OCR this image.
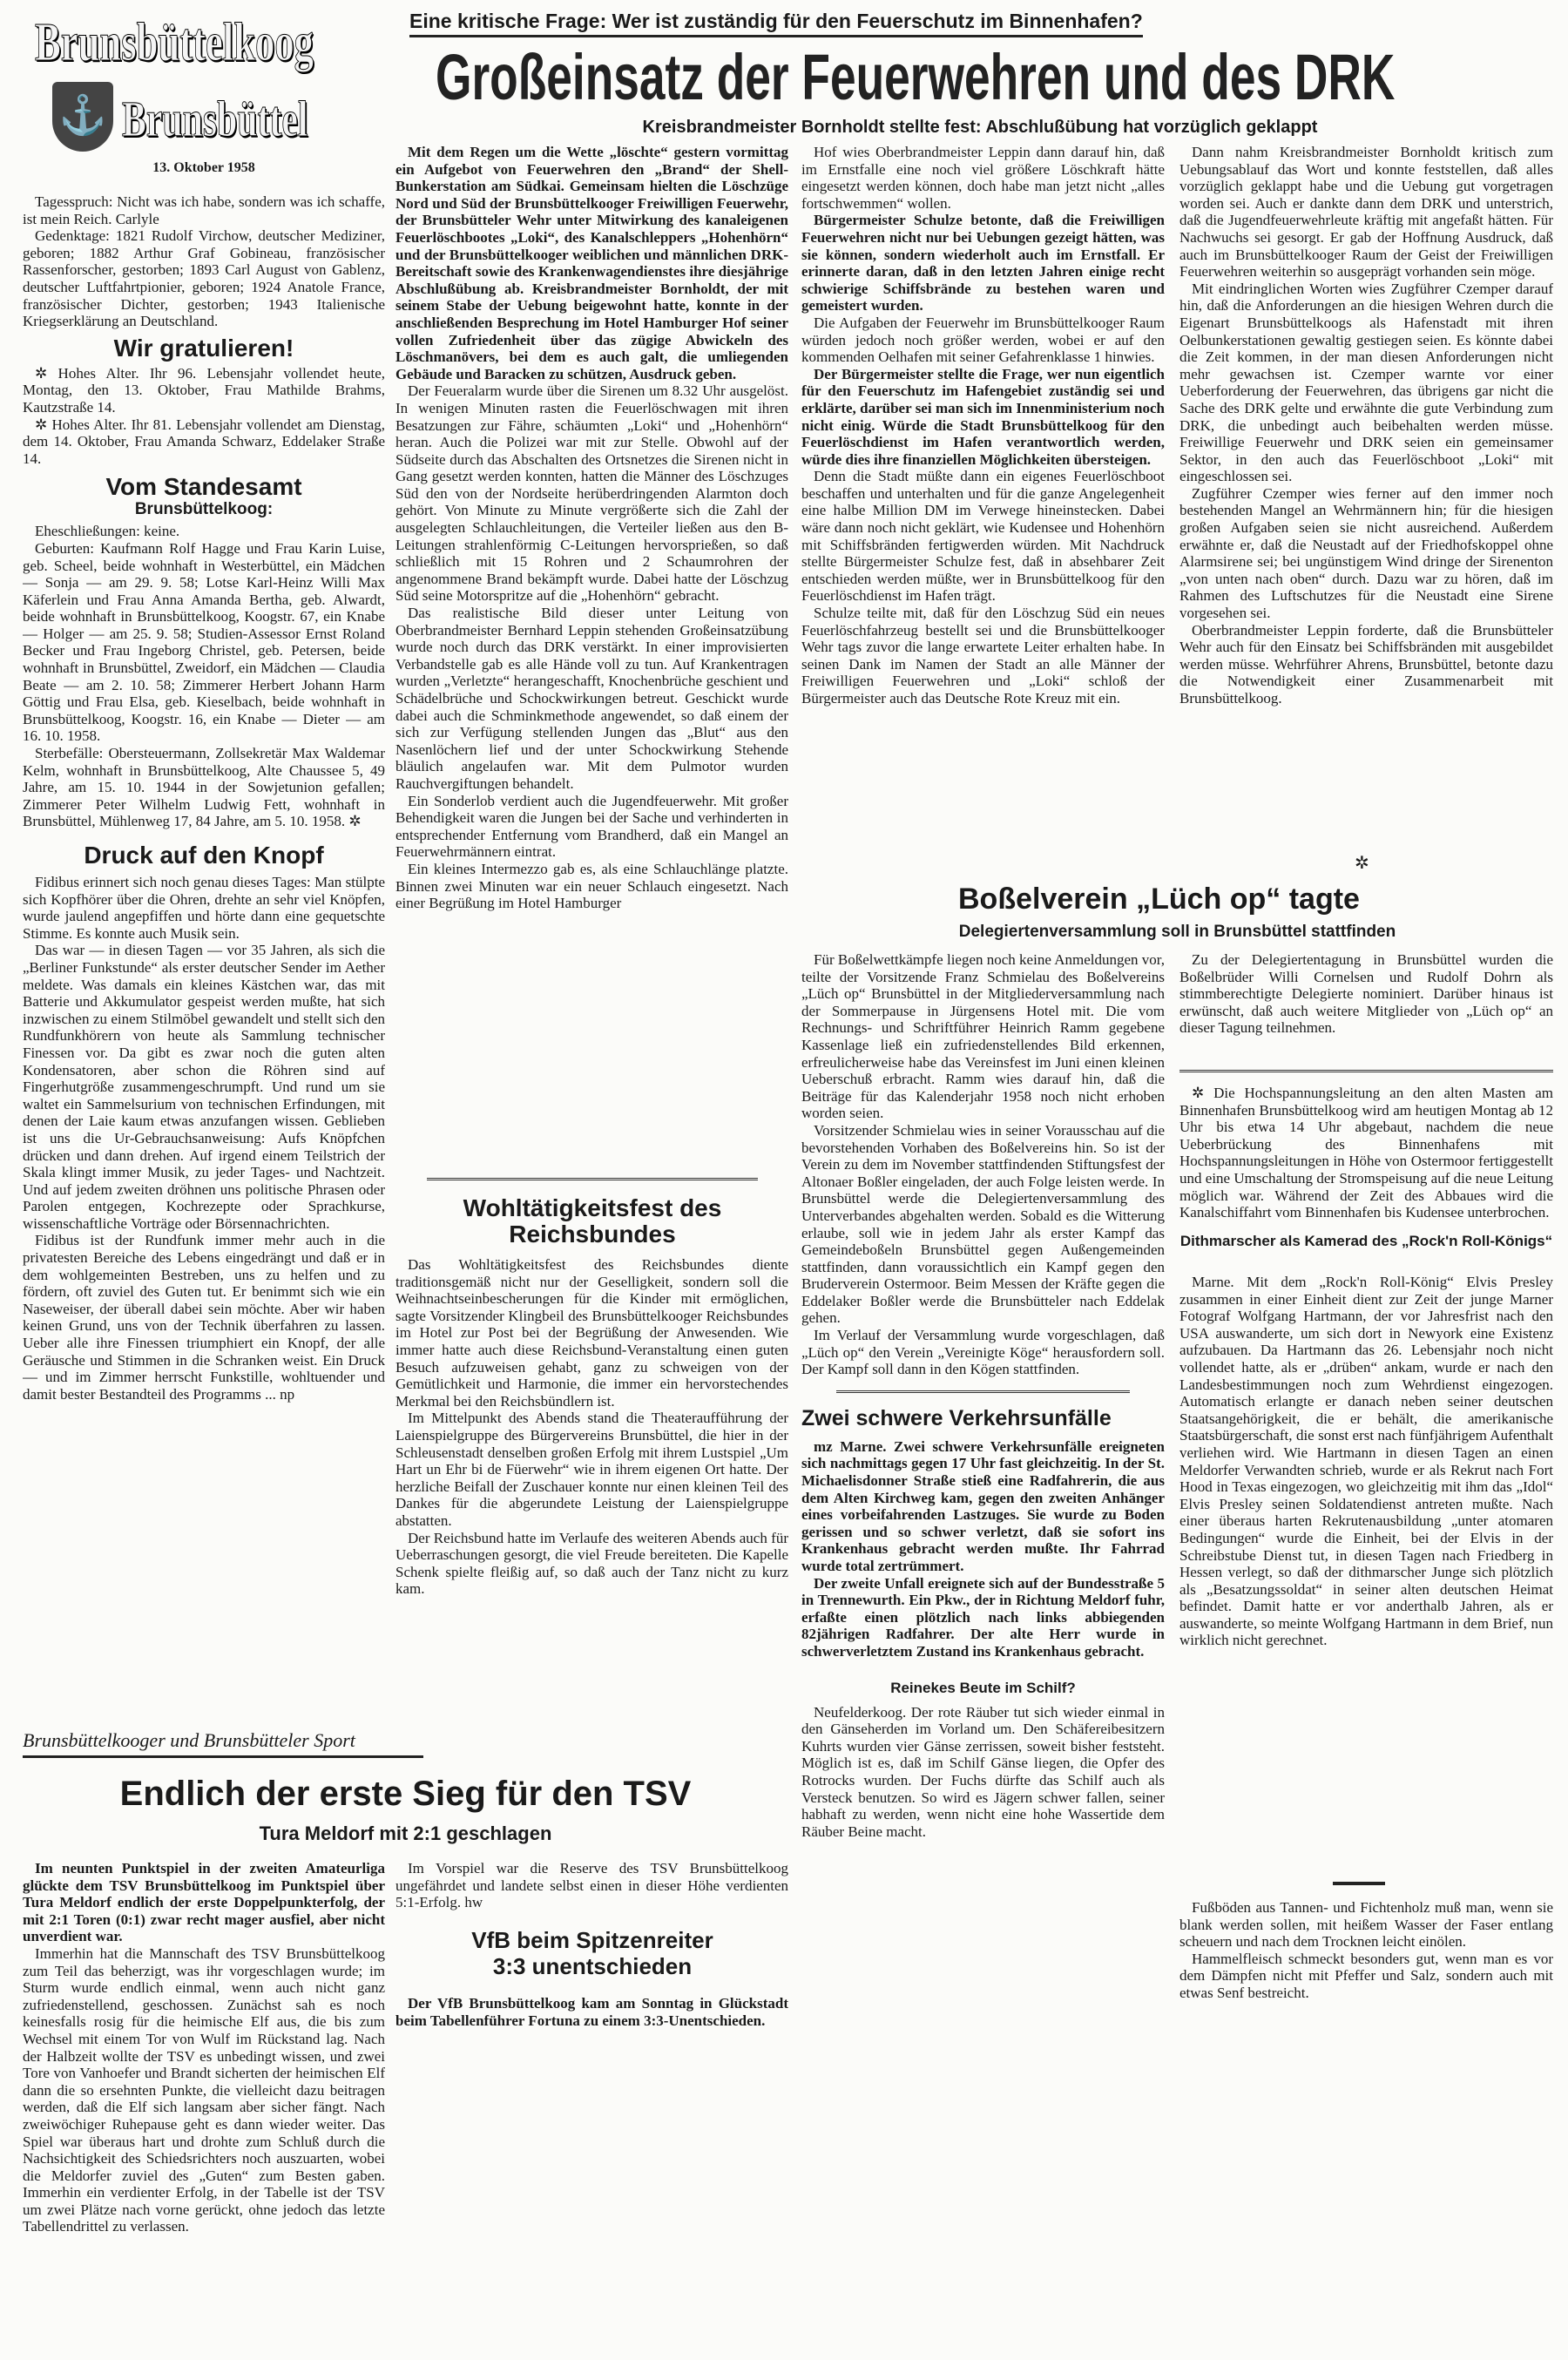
Brunsbüttelkoog
⚓ Brunsbüttel
13. Oktober 1958

Tagesspruch: Nicht was ich habe, sondern was ich schaffe, ist mein Reich. Carlyle

Gedenktage: 1821 Rudolf Virchow, deutscher Mediziner, geboren; 1882 Arthur Graf Gobineau, französischer Rassenforscher, gestorben; 1893 Carl August von Gablenz, deutscher Luftfahrtpionier, geboren; 1924 Anatole France, französischer Dichter, gestorben; 1943 Italienische Kriegserklärung an Deutschland.

Wir gratulieren!

✲ Hohes Alter. Ihr 96. Lebensjahr vollendet heute, Montag, den 13. Oktober, Frau Mathilde Brahms, Kautzstraße 14.

✲ Hohes Alter. Ihr 81. Lebensjahr vollendet am Dienstag, dem 14. Oktober, Frau Amanda Schwarz, Eddelaker Straße 14.

Vom Standesamt
Brunsbüttelkoog:

Eheschließungen: keine.

Geburten: Kaufmann Rolf Hagge und Frau Karin Luise, geb. Scheel, beide wohnhaft in Westerbüttel, ein Mädchen — Sonja — am 29. 9. 58; Lotse Karl-Heinz Willi Max Käferlein und Frau Anna Amanda Bertha, geb. Alwardt, beide wohnhaft in Brunsbüttelkoog, Koogstr. 67, ein Knabe — Holger — am 25. 9. 58; Studien-Assessor Ernst Roland Becker und Frau Ingeborg Christel, geb. Petersen, beide wohnhaft in Brunsbüttel, Zweidorf, ein Mädchen — Claudia Beate — am 2. 10. 58; Zimmerer Herbert Johann Harm Göttig und Frau Elsa, geb. Kieselbach, beide wohnhaft in Brunsbüttelkoog, Koogstr. 16, ein Knabe — Dieter — am 16. 10. 1958.

Sterbefälle: Obersteuermann, Zollsekretär Max Waldemar Kelm, wohnhaft in Brunsbüttelkoog, Alte Chaussee 5, 49 Jahre, am 15. 10. 1944 in der Sowjetunion gefallen; Zimmerer Peter Wilhelm Ludwig Fett, wohnhaft in Brunsbüttel, Mühlenweg 17, 84 Jahre, am 5. 10. 1958. ✲

Druck auf den Knopf

Fidibus erinnert sich noch genau dieses Tages: Man stülpte sich Kopfhörer über die Ohren, drehte an sehr viel Knöpfen, wurde jaulend angepfiffen und hörte dann eine gequetschte Stimme. Es konnte auch Musik sein.

Das war — in diesen Tagen — vor 35 Jahren, als sich die „Berliner Funkstunde“ als erster deutscher Sender im Aether meldete. Was damals ein kleines Kästchen war, das mit Batterie und Akkumulator gespeist werden mußte, hat sich inzwischen zu einem Stilmöbel gewandelt und stellt sich den Rundfunkhörern von heute als Sammlung technischer Finessen vor. Da gibt es zwar noch die guten alten Kondensatoren, aber schon die Röhren sind auf Fingerhutgröße zusammengeschrumpft. Und rund um sie waltet ein Sammelsurium von technischen Erfindungen, mit denen der Laie kaum etwas anzufangen wissen. Geblieben ist uns die Ur-Gebrauchsanweisung: Aufs Knöpfchen drücken und dann drehen. Auf irgend einem Teilstrich der Skala klingt immer Musik, zu jeder Tages- und Nachtzeit. Und auf jedem zweiten dröhnen uns politische Phrasen oder Parolen entgegen, Kochrezepte oder Sprachkurse, wissenschaftliche Vorträge oder Börsennachrichten.

Fidibus ist der Rundfunk immer mehr auch in die privatesten Bereiche des Lebens eingedrängt und daß er in dem wohlgemeinten Bestreben, uns zu helfen und zu fördern, oft zuviel des Guten tut. Er benimmt sich wie ein Naseweiser, der überall dabei sein möchte. Aber wir haben keinen Grund, uns von der Technik überfahren zu lassen. Ueber alle ihre Finessen triumphiert ein Knopf, der alle Geräusche und Stimmen in die Schranken weist. Ein Druck — und im Zimmer herrscht Funkstille, wohltuender und damit bester Bestandteil des Programms ... np

Eine kritische Frage: Wer ist zuständig für den Feuerschutz im Binnenhafen?
Großeinsatz der Feuerwehren und des DRK
Kreisbrandmeister Bornholdt stellte fest: Abschlußübung hat vorzüglich geklappt

Mit dem Regen um die Wette „löschte“ gestern vormittag ein Aufgebot von Feuerwehren den „Brand“ der Shell-Bunkerstation am Südkai. Gemeinsam hielten die Löschzüge Nord und Süd der Brunsbüttelkooger Freiwilligen Feuerwehr, der Brunsbütteler Wehr unter Mitwirkung des kanaleigenen Feuerlöschbootes „Loki“, des Kanalschleppers „Hohenhörn“ und der Brunsbüttelkooger weiblichen und männlichen DRK-Bereitschaft sowie des Krankenwagendienstes ihre diesjährige Abschlußübung ab. Kreisbrandmeister Bornholdt, der mit seinem Stabe der Uebung beigewohnt hatte, konnte in der anschließenden Besprechung im Hotel Hamburger Hof seiner vollen Zufriedenheit über das zügige Abwickeln des Löschmanövers, bei dem es auch galt, die umliegenden Gebäude und Baracken zu schützen, Ausdruck geben.

Der Feueralarm wurde über die Sirenen um 8.32 Uhr ausgelöst. In wenigen Minuten rasten die Feuerlöschwagen mit ihren Besatzungen zur Fähre, schäumten „Loki“ und „Hohenhörn“ heran. Auch die Polizei war mit zur Stelle. Obwohl auf der Südseite durch das Abschalten des Ortsnetzes die Sirenen nicht in Gang gesetzt werden konnten, hatten die Männer des Löschzuges Süd den von der Nordseite herüberdringenden Alarmton doch gehört. Von Minute zu Minute vergrößerte sich die Zahl der ausgelegten Schlauchleitungen, die Verteiler ließen aus den B-Leitungen strahlenförmig C-Leitungen hervorsprießen, so daß schließlich mit 15 Rohren und 2 Schaumrohren der angenommene Brand bekämpft wurde. Dabei hatte der Löschzug Süd seine Motorspritze auf die „Hohenhörn“ gebracht.

Das realistische Bild dieser unter Leitung von Oberbrandmeister Bernhard Leppin stehenden Großeinsatzübung wurde noch durch das DRK verstärkt. In einer improvisierten Verbandstelle gab es alle Hände voll zu tun. Auf Krankentragen wurden „Verletzte“ herangeschafft, Knochenbrüche geschient und Schädelbrüche und Schockwirkungen betreut. Geschickt wurde dabei auch die Schminkmethode angewendet, so daß einem der sich zur Verfügung stellenden Jungen das „Blut“ aus den Nasenlöchern lief und der unter Schockwirkung Stehende bläulich angelaufen war. Mit dem Pulmotor wurden Rauchvergiftungen behandelt.

Ein Sonderlob verdient auch die Jugendfeuerwehr. Mit großer Behendigkeit waren die Jungen bei der Sache und verhinderten in entsprechender Entfernung vom Brandherd, daß ein Mangel an Feuerwehrmännern eintrat.

Ein kleines Intermezzo gab es, als eine Schlauchlänge platzte. Binnen zwei Minuten war ein neuer Schlauch eingesetzt. Nach einer Begrüßung im Hotel Hamburger

Hof wies Oberbrandmeister Leppin dann darauf hin, daß im Ernstfalle eine noch viel größere Löschkraft hätte eingesetzt werden können, doch habe man jetzt nicht „alles fortschwemmen“ wollen.

Bürgermeister Schulze betonte, daß die Freiwilligen Feuerwehren nicht nur bei Uebungen gezeigt hätten, was sie können, sondern wiederholt auch im Ernstfall. Er erinnerte daran, daß in den letzten Jahren einige recht schwierige Schiffsbrände zu bestehen waren und gemeistert wurden.

Die Aufgaben der Feuerwehr im Brunsbüttelkooger Raum würden jedoch noch größer werden, wobei er auf den kommenden Oelhafen mit seiner Gefahrenklasse 1 hinwies.

Der Bürgermeister stellte die Frage, wer nun eigentlich für den Feuerschutz im Hafengebiet zuständig sei und erklärte, darüber sei man sich im Innenministerium noch nicht einig. Würde die Stadt Brunsbüttelkoog für den Feuerlöschdienst im Hafen verantwortlich werden, würde dies ihre finanziellen Möglichkeiten übersteigen.

Denn die Stadt müßte dann ein eigenes Feuerlöschboot beschaffen und unterhalten und für die ganze Angelegenheit eine halbe Million DM im Verwege hineinstecken. Dabei wäre dann noch nicht geklärt, wie Kudensee und Hohenhörn mit Schiffsbränden fertigwerden würden. Mit Nachdruck stellte Bürgermeister Schulze fest, daß in absehbarer Zeit entschieden werden müßte, wer in Brunsbüttelkoog für den Feuerlöschdienst im Hafen trägt.

Schulze teilte mit, daß für den Löschzug Süd ein neues Feuerlöschfahrzeug bestellt sei und die Brunsbüttelkooger Wehr tags zuvor die lange erwartete Leiter erhalten habe. In seinen Dank im Namen der Stadt an alle Männer der Freiwilligen Feuerwehren und „Loki“ schloß der Bürgermeister auch das Deutsche Rote Kreuz mit ein.

Dann nahm Kreisbrandmeister Bornholdt kritisch zum Uebungsablauf das Wort und konnte feststellen, daß alles vorzüglich geklappt habe und die Uebung gut vorgetragen worden sei. Auch er dankte dann dem DRK und unterstrich, daß die Jugendfeuerwehrleute kräftig mit angefaßt hätten. Für Nachwuchs sei gesorgt. Er gab der Hoffnung Ausdruck, daß auch im Brunsbüttelkooger Raum der Geist der Freiwilligen Feuerwehren weiterhin so ausgeprägt vorhanden sein möge.

Mit eindringlichen Worten wies Zugführer Czemper darauf hin, daß die Anforderungen an die hiesigen Wehren durch die Eigenart Brunsbüttelkoogs als Hafenstadt mit ihren Oelbunkerstationen gewaltig gestiegen seien. Es könnte dabei die Zeit kommen, in der man diesen Anforderungen nicht mehr gewachsen ist. Czemper warnte vor einer Ueberforderung der Feuerwehren, das übrigens gar nicht die Sache des DRK gelte und erwähnte die gute Verbindung zum DRK, die unbedingt auch beibehalten werden müsse. Freiwillige Feuerwehr und DRK seien ein gemeinsamer Sektor, in den auch das Feuerlöschboot „Loki“ mit eingeschlossen sei.

Zugführer Czemper wies ferner auf den immer noch bestehenden Mangel an Wehrmännern hin; für die hiesigen großen Aufgaben seien sie nicht ausreichend. Außerdem erwähnte er, daß die Neustadt auf der Friedhofskoppel ohne Alarmsirene sei; bei ungünstigem Wind dringe der Sirenenton „von unten nach oben“ durch. Dazu war zu hören, daß im Rahmen des Luftschutzes für die Neustadt eine Sirene vorgesehen sei.

Oberbrandmeister Leppin forderte, daß die Brunsbütteler Wehr auch für den Einsatz bei Schiffsbränden mit ausgebildet werden müsse. Wehrführer Ahrens, Brunsbüttel, betonte dazu die Notwendigkeit einer Zusammenarbeit mit Brunsbüttelkoog.

✲
Wohltätigkeitsfest des Reichsbundes

Das Wohltätigkeitsfest des Reichsbundes diente traditionsgemäß nicht nur der Geselligkeit, sondern soll die Weihnachtseinbescherungen für die Kinder mit ermöglichen, sagte Vorsitzender Klingbeil des Brunsbüttelkooger Reichsbundes im Hotel zur Post bei der Begrüßung der Anwesenden. Wie immer hatte auch diese Reichsbund-Veranstaltung einen guten Besuch aufzuweisen gehabt, ganz zu schweigen von der Gemütlichkeit und Harmonie, die immer ein hervorstechendes Merkmal bei den Reichsbündlern ist.

Im Mittelpunkt des Abends stand die Theateraufführung der Laienspielgruppe des Bürgervereins Brunsbüttel, die hier in der Schleusenstadt denselben großen Erfolg mit ihrem Lustspiel „Um Hart un Ehr bi de Füerwehr“ wie in ihrem eigenen Ort hatte. Der herzliche Beifall der Zuschauer konnte nur einen kleinen Teil des Dankes für die abgerundete Leistung der Laienspielgruppe abstatten.

Der Reichsbund hatte im Verlaufe des weiteren Abends auch für Ueberraschungen gesorgt, die viel Freude bereiteten. Die Kapelle Schenk spielte fleißig auf, so daß auch der Tanz nicht zu kurz kam.

Boßelverein „Lüch op“ tagte
Delegiertenversammlung soll in Brunsbüttel stattfinden

Für Boßelwettkämpfe liegen noch keine Anmeldungen vor, teilte der Vorsitzende Franz Schmielau des Boßelvereins „Lüch op“ Brunsbüttel in der Mitgliederversammlung nach der Sommerpause in Jürgensens Hotel mit. Die vom Rechnungs- und Schriftführer Heinrich Ramm gegebene Kassenlage ließ ein zufriedenstellendes Bild erkennen, erfreulicherweise habe das Vereinsfest im Juni einen kleinen Ueberschuß erbracht. Ramm wies darauf hin, daß die Beiträge für das Kalenderjahr 1958 noch nicht erhoben worden seien.

Vorsitzender Schmielau wies in seiner Vorausschau auf die bevorstehenden Vorhaben des Boßelvereins hin. So ist der Verein zu dem im November stattfindenden Stiftungsfest der Altonaer Boßler eingeladen, der auch Folge leisten werde. In Brunsbüttel werde die Delegiertenversammlung des Unterverbandes abgehalten werden. Sobald es die Witterung erlaube, soll wie in jedem Jahr als erster Kampf das Gemeindeboßeln Brunsbüttel gegen Außengemeinden stattfinden, dann voraussichtlich ein Kampf gegen den Bruderverein Ostermoor. Beim Messen der Kräfte gegen die Eddelaker Boßler werde die Brunsbütteler nach Eddelak gehen.

Im Verlauf der Versammlung wurde vorgeschlagen, daß „Lüch op“ den Verein „Vereinigte Köge“ herausfordern soll. Der Kampf soll dann in den Kögen stattfinden.

Zwei schwere Verkehrsunfälle

mz Marne. Zwei schwere Verkehrsunfälle ereigneten sich nachmittags gegen 17 Uhr fast gleichzeitig. In der St. Michaelisdonner Straße stieß eine Radfahrerin, die aus dem Alten Kirchweg kam, gegen den zweiten Anhänger eines vorbeifahrenden Lastzuges. Sie wurde zu Boden gerissen und so schwer verletzt, daß sie sofort ins Krankenhaus gebracht werden mußte. Ihr Fahrrad wurde total zertrümmert.

Der zweite Unfall ereignete sich auf der Bundesstraße 5 in Trennewurth. Ein Pkw., der in Richtung Meldorf fuhr, erfaßte einen plötzlich nach links abbiegenden 82jährigen Radfahrer. Der alte Herr wurde in schwerverletztem Zustand ins Krankenhaus gebracht.

Reinekes Beute im Schilf?

Neufelderkoog. Der rote Räuber tut sich wieder einmal in den Gänseherden im Vorland um. Den Schäfereibesitzern Kuhrts wurden vier Gänse zerrissen, soweit bisher feststeht. Möglich ist es, daß im Schilf Gänse liegen, die Opfer des Rotrocks wurden. Der Fuchs dürfte das Schilf auch als Versteck benutzen. So wird es Jägern schwer fallen, seiner habhaft zu werden, wenn nicht eine hohe Wassertide dem Räuber Beine macht.

Zu der Delegiertentagung in Brunsbüttel wurden die Boßelbrüder Willi Cornelsen und Rudolf Dohrn als stimmberechtigte Delegierte nominiert. Darüber hinaus ist erwünscht, daß auch weitere Mitglieder von „Lüch op“ an dieser Tagung teilnehmen.

✲ Die Hochspannungsleitung an den alten Masten am Binnenhafen Brunsbüttelkoog wird am heutigen Montag ab 12 Uhr bis etwa 14 Uhr abgebaut, nachdem die neue Ueberbrückung des Binnenhafens mit Hochspannungsleitungen in Höhe von Ostermoor fertiggestellt und eine Umschaltung der Stromspeisung auf die neue Leitung möglich war. Während der Zeit des Abbaues wird die Kanalschiffahrt vom Binnenhafen bis Kudensee unterbrochen.

Dithmarscher als Kamerad des „Rock'n Roll-Königs“

Marne. Mit dem „Rock'n Roll-König“ Elvis Presley zusammen in einer Einheit dient zur Zeit der junge Marner Fotograf Wolfgang Hartmann, der vor Jahresfrist nach den USA auswanderte, um sich dort in Newyork eine Existenz aufzubauen. Da Hartmann das 26. Lebensjahr noch nicht vollendet hatte, als er „drüben“ ankam, wurde er nach den Landesbestimmungen noch zum Wehrdienst eingezogen. Automatisch erlangte er danach neben seiner deutschen Staatsangehörigkeit, die er behält, die amerikanische Staatsbürgerschaft, die sonst erst nach fünfjährigem Aufenthalt verliehen wird. Wie Hartmann in diesen Tagen an einen Meldorfer Verwandten schrieb, wurde er als Rekrut nach Fort Hood in Texas eingezogen, wo gleichzeitig mit ihm das „Idol“ Elvis Presley seinen Soldatendienst antreten mußte. Nach einer überaus harten Rekrutenausbildung „unter atomaren Bedingungen“ wurde die Einheit, bei der Elvis in der Schreibstube Dienst tut, in diesen Tagen nach Friedberg in Hessen verlegt, so daß der dithmarscher Junge sich plötzlich als „Besatzungssoldat“ in seiner alten deutschen Heimat befindet. Damit hatte er vor anderthalb Jahren, als er auswanderte, so meinte Wolfgang Hartmann in dem Brief, nun wirklich nicht gerechnet.

Fußböden aus Tannen- und Fichtenholz muß man, wenn sie blank werden sollen, mit heißem Wasser der Faser entlang scheuern und nach dem Trocknen leicht einölen.

Hammelfleisch schmeckt besonders gut, wenn man es vor dem Dämpfen nicht mit Pfeffer und Salz, sondern auch mit etwas Senf bestreicht.

Brunsbüttelkooger und Brunsbütteler Sport
Endlich der erste Sieg für den TSV
Tura Meldorf mit 2:1 geschlagen

Im neunten Punktspiel in der zweiten Amateurliga glückte dem TSV Brunsbüttelkoog im Punktspiel über Tura Meldorf endlich der erste Doppelpunkterfolg, der mit 2:1 Toren (0:1) zwar recht mager ausfiel, aber nicht unverdient war.

Immerhin hat die Mannschaft des TSV Brunsbüttelkoog zum Teil das beherzigt, was ihr vorgeschlagen wurde; im Sturm wurde endlich einmal, wenn auch nicht ganz zufriedenstellend, geschossen. Zunächst sah es noch keinesfalls rosig für die heimische Elf aus, die bis zum Wechsel mit einem Tor von Wulf im Rückstand lag. Nach der Halbzeit wollte der TSV es unbedingt wissen, und zwei Tore von Vanhoefer und Brandt sicherten der heimischen Elf dann die so ersehnten Punkte, die vielleicht dazu beitragen werden, daß die Elf sich langsam aber sicher fängt. Nach zweiwöchiger Ruhepause geht es dann wieder weiter. Das Spiel war überaus hart und drohte zum Schluß durch die Nachsichtigkeit des Schiedsrichters noch auszuarten, wobei die Meldorfer zuviel des „Guten“ zum Besten gaben. Immerhin ein verdienter Erfolg, in der Tabelle ist der TSV um zwei Plätze nach vorne gerückt, ohne jedoch das letzte Tabellendrittel zu verlassen.

Im Vorspiel war die Reserve des TSV Brunsbüttelkoog ungefährdet und landete selbst einen in dieser Höhe verdienten 5:1-Erfolg. hw

VfB beim Spitzenreiter 3:3 unentschieden

Der VfB Brunsbüttelkoog kam am Sonntag in Glückstadt beim Tabellenführer Fortuna zu einem 3:3-Unentschieden.
